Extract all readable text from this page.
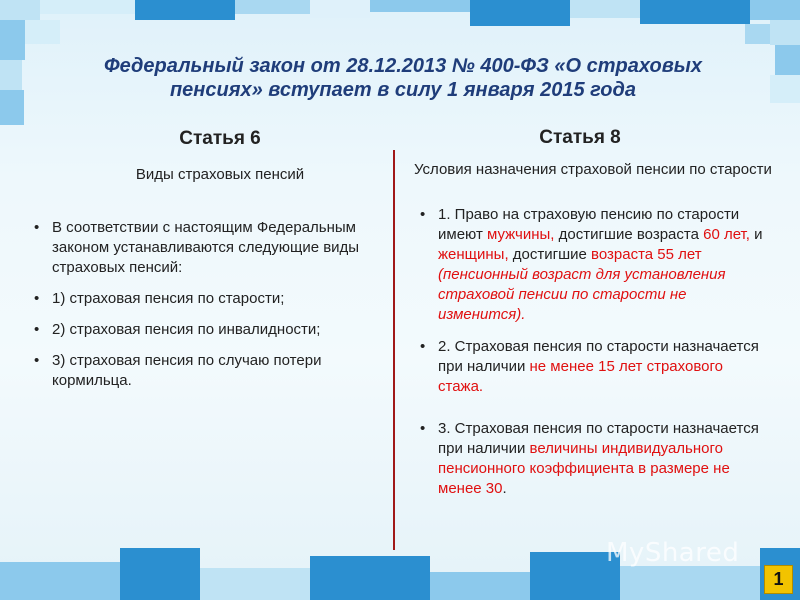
Федеральный закон от 28.12.2013 № 400-ФЗ «О страховых пенсиях» вступает в силу 1 января 2015 года
Статья 6
Виды страховых пенсий
• В соответствии с настоящим Федеральным законом устанавливаются следующие виды страховых пенсий:
• 1) страховая пенсия по старости;
• 2) страховая пенсия по инвалидности;
• 3) страховая пенсия по случаю потери кормильца.
Статья 8
Условия назначения страховой пенсии по старости
• 1. Право на страховую пенсию по старости имеют мужчины, достигшие возраста 60 лет, и женщины, достигшие возраста 55 лет (пенсионный возраст для установления страховой пенсии по старости не изменится).
• 2. Страховая пенсия по старости назначается при наличии не менее 15 лет страхового стажа.
• 3. Страховая пенсия по старости назначается при наличии величины индивидуального пенсионного коэффициента в размере не менее 30.
MyShared
1
